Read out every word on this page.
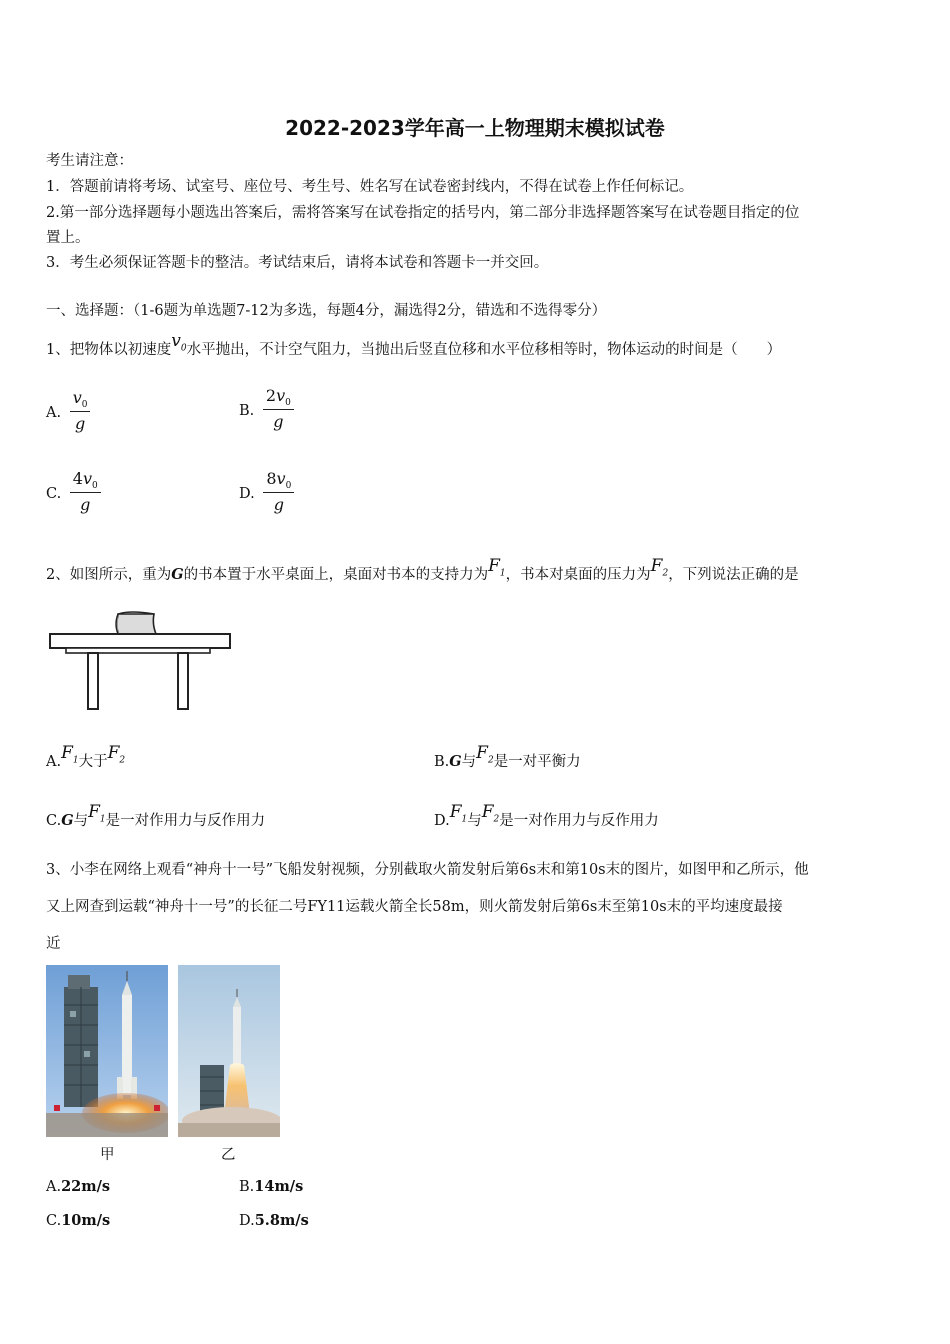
2022-2023学年高一上物理期末模拟试卷
考生请注意：
1．答题前请将考场、试室号、座位号、考生号、姓名写在试卷密封线内，不得在试卷上作任何标记。
2.第一部分选择题每小题选出答案后，需将答案写在试卷指定的括号内，第二部分非选择题答案写在试卷题目指定的位
置上。
3．考生必须保证答题卡的整洁。考试结束后，请将本试卷和答题卡一并交回。
一、选择题：（1-6题为单选题7-12为多选，每题4分，漏选得2分，错选和不选得零分）
1、把物体以初速度$v_0$水平抛出，不计空气阻力，当抛出后竖直位移和水平位移相等时，物体运动的时间是（　　）
A. $\frac{v_0}{g}$	B. $\frac{2v_0}{g}$
C. $\frac{4v_0}{g}$	D. $\frac{8v_0}{g}$
2、如图所示，重为G的书本置于水平桌面上，桌面对书本的支持力为$F_1$，书本对桌面的压力为$F_2$，下列说法正确的是
$A.F_1$大于$F_2$	B.G与$F_2$是一对平衡力
C.G与$F_1$是一对作用力与反作用力	$D.F_1$与$F_2$是一对作用力与反作用力
3、小李在网络上观看“神舟十一号”飞船发射视频，分别截取火箭发射后第6s末和第10s末的图片，如图甲和乙所示，他
又上网查到运载“神舟十一号”的长征二号FY11运载火箭全长58m，则火箭发射后第6s末至第10s末的平均速度最接
近
甲	乙
A.22m/s	B.14m/s
C.10m/s	D.5.8m/s
